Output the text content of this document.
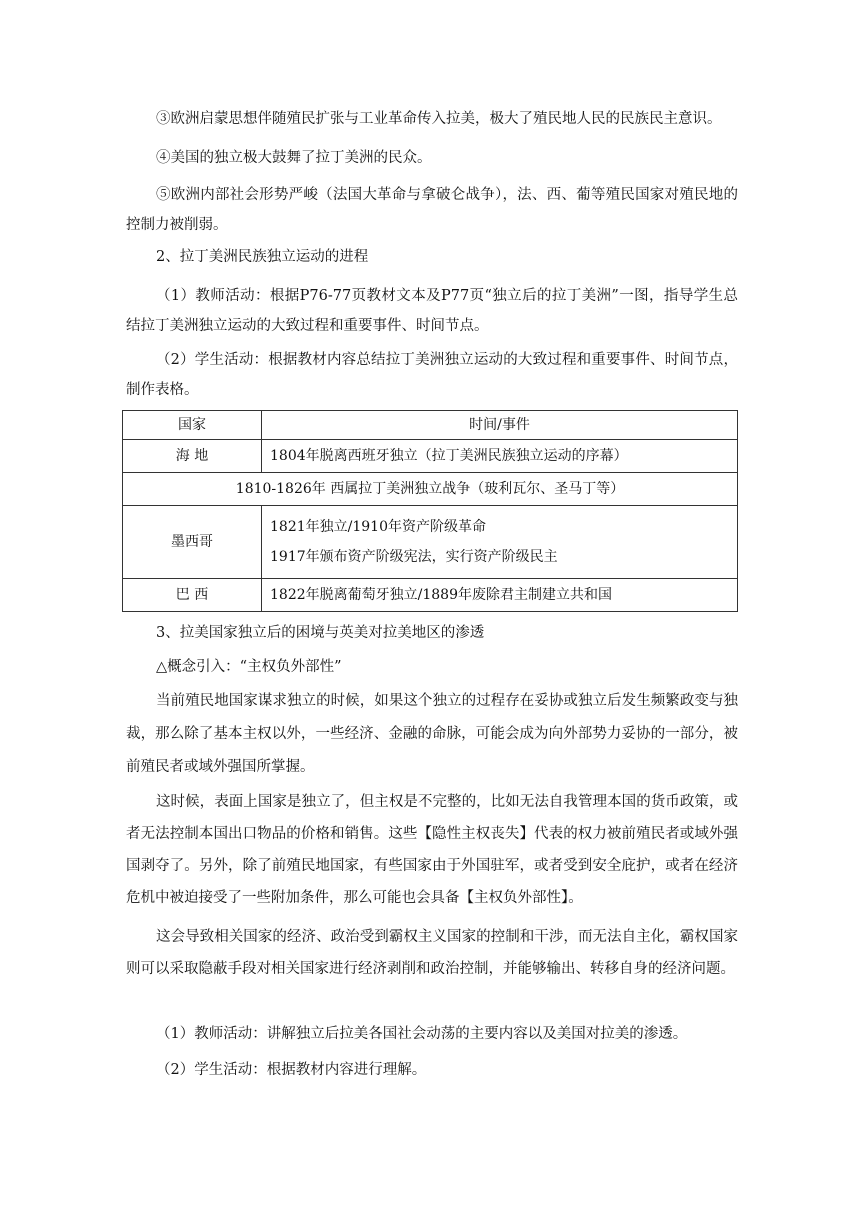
③欧洲启蒙思想伴随殖民扩张与工业革命传入拉美，极大了殖民地人民的民族民主意识。

④美国的独立极大鼓舞了拉丁美洲的民众。

⑤欧洲内部社会形势严峻（法国大革命与拿破仑战争），法、西、葡等殖民国家对殖民地的控制力被削弱。

2、拉丁美洲民族独立运动的进程

（1）教师活动：根据P76-77页教材文本及P77页“独立后的拉丁美洲”一图，指导学生总结拉丁美洲独立运动的大致过程和重要事件、时间节点。

（2）学生活动：根据教材内容总结拉丁美洲独立运动的大致过程和重要事件、时间节点，制作表格。

国家	时间/事件
海 地	1804年脱离西班牙独立（拉丁美洲民族独立运动的序幕）
1810-1826年 西属拉丁美洲独立战争（玻利瓦尔、圣马丁等）	
墨西哥	1821年独立/1910年资产阶级革命
1917年颁布资产阶级宪法，实行资产阶级民主

巴 西	1822年脱离葡萄牙独立/1889年废除君主制建立共和国

3、拉美国家独立后的困境与英美对拉美地区的渗透

△概念引入：“主权负外部性”

当前殖民地国家谋求独立的时候，如果这个独立的过程存在妥协或独立后发生频繁政变与独裁，那么除了基本主权以外，一些经济、金融的命脉，可能会成为向外部势力妥协的一部分，被前殖民者或域外强国所掌握。

这时候，表面上国家是独立了，但主权是不完整的，比如无法自我管理本国的货币政策，或者无法控制本国出口物品的价格和销售。这些【隐性主权丧失】代表的权力被前殖民者或域外强国剥夺了。另外，除了前殖民地国家，有些国家由于外国驻军，或者受到安全庇护，或者在经济危机中被迫接受了一些附加条件，那么可能也会具备【主权负外部性】。

这会导致相关国家的经济、政治受到霸权主义国家的控制和干涉，而无法自主化，霸权国家则可以采取隐蔽手段对相关国家进行经济剥削和政治控制，并能够输出、转移自身的经济问题。

（1）教师活动：讲解独立后拉美各国社会动荡的主要内容以及美国对拉美的渗透。

（2）学生活动：根据教材内容进行理解。
